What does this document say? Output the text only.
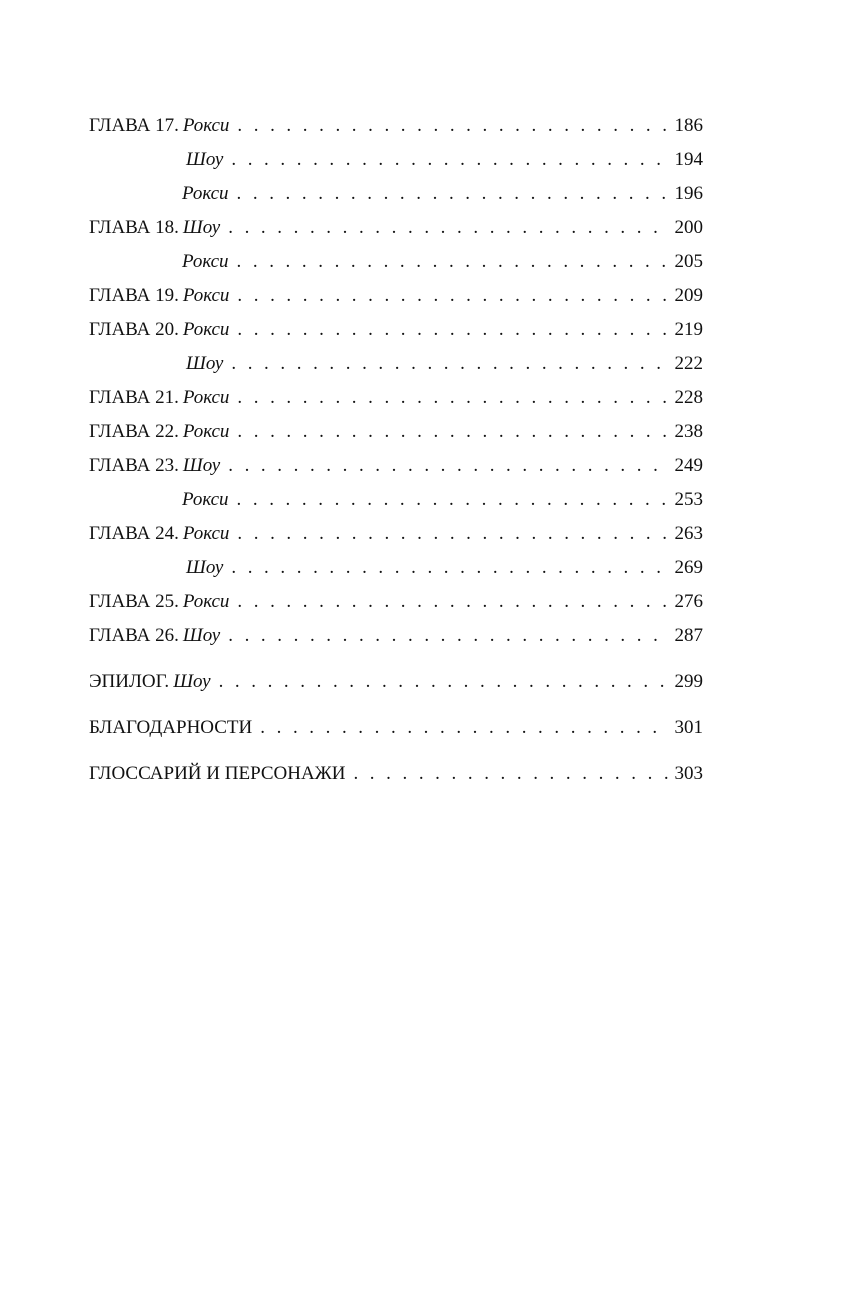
ГЛАВА 17. Рокси . . .	186
Шоу . . .	194
Рокси . . .	196
ГЛАВА 18. Шоу . . .	200
Рокси . . .	205
ГЛАВА 19. Рокси . . .	209
ГЛАВА 20. Рокси . . .	219
Шоу . . .	222
ГЛАВА 21. Рокси . . .	228
ГЛАВА 22. Рокси . . .	238
ГЛАВА 23. Шоу . . .	249
Рокси . . .	253
ГЛАВА 24. Рокси . . .	263
Шоу . . .	269
ГЛАВА 25. Рокси . . .	276
ГЛАВА 26. Шоу . . .	287
ЭПИЛОГ. Шоу . . .	299
БЛАГОДАРНОСТИ . . .	301
ГЛОССАРИЙ И ПЕРСОНАЖИ . . .	303
